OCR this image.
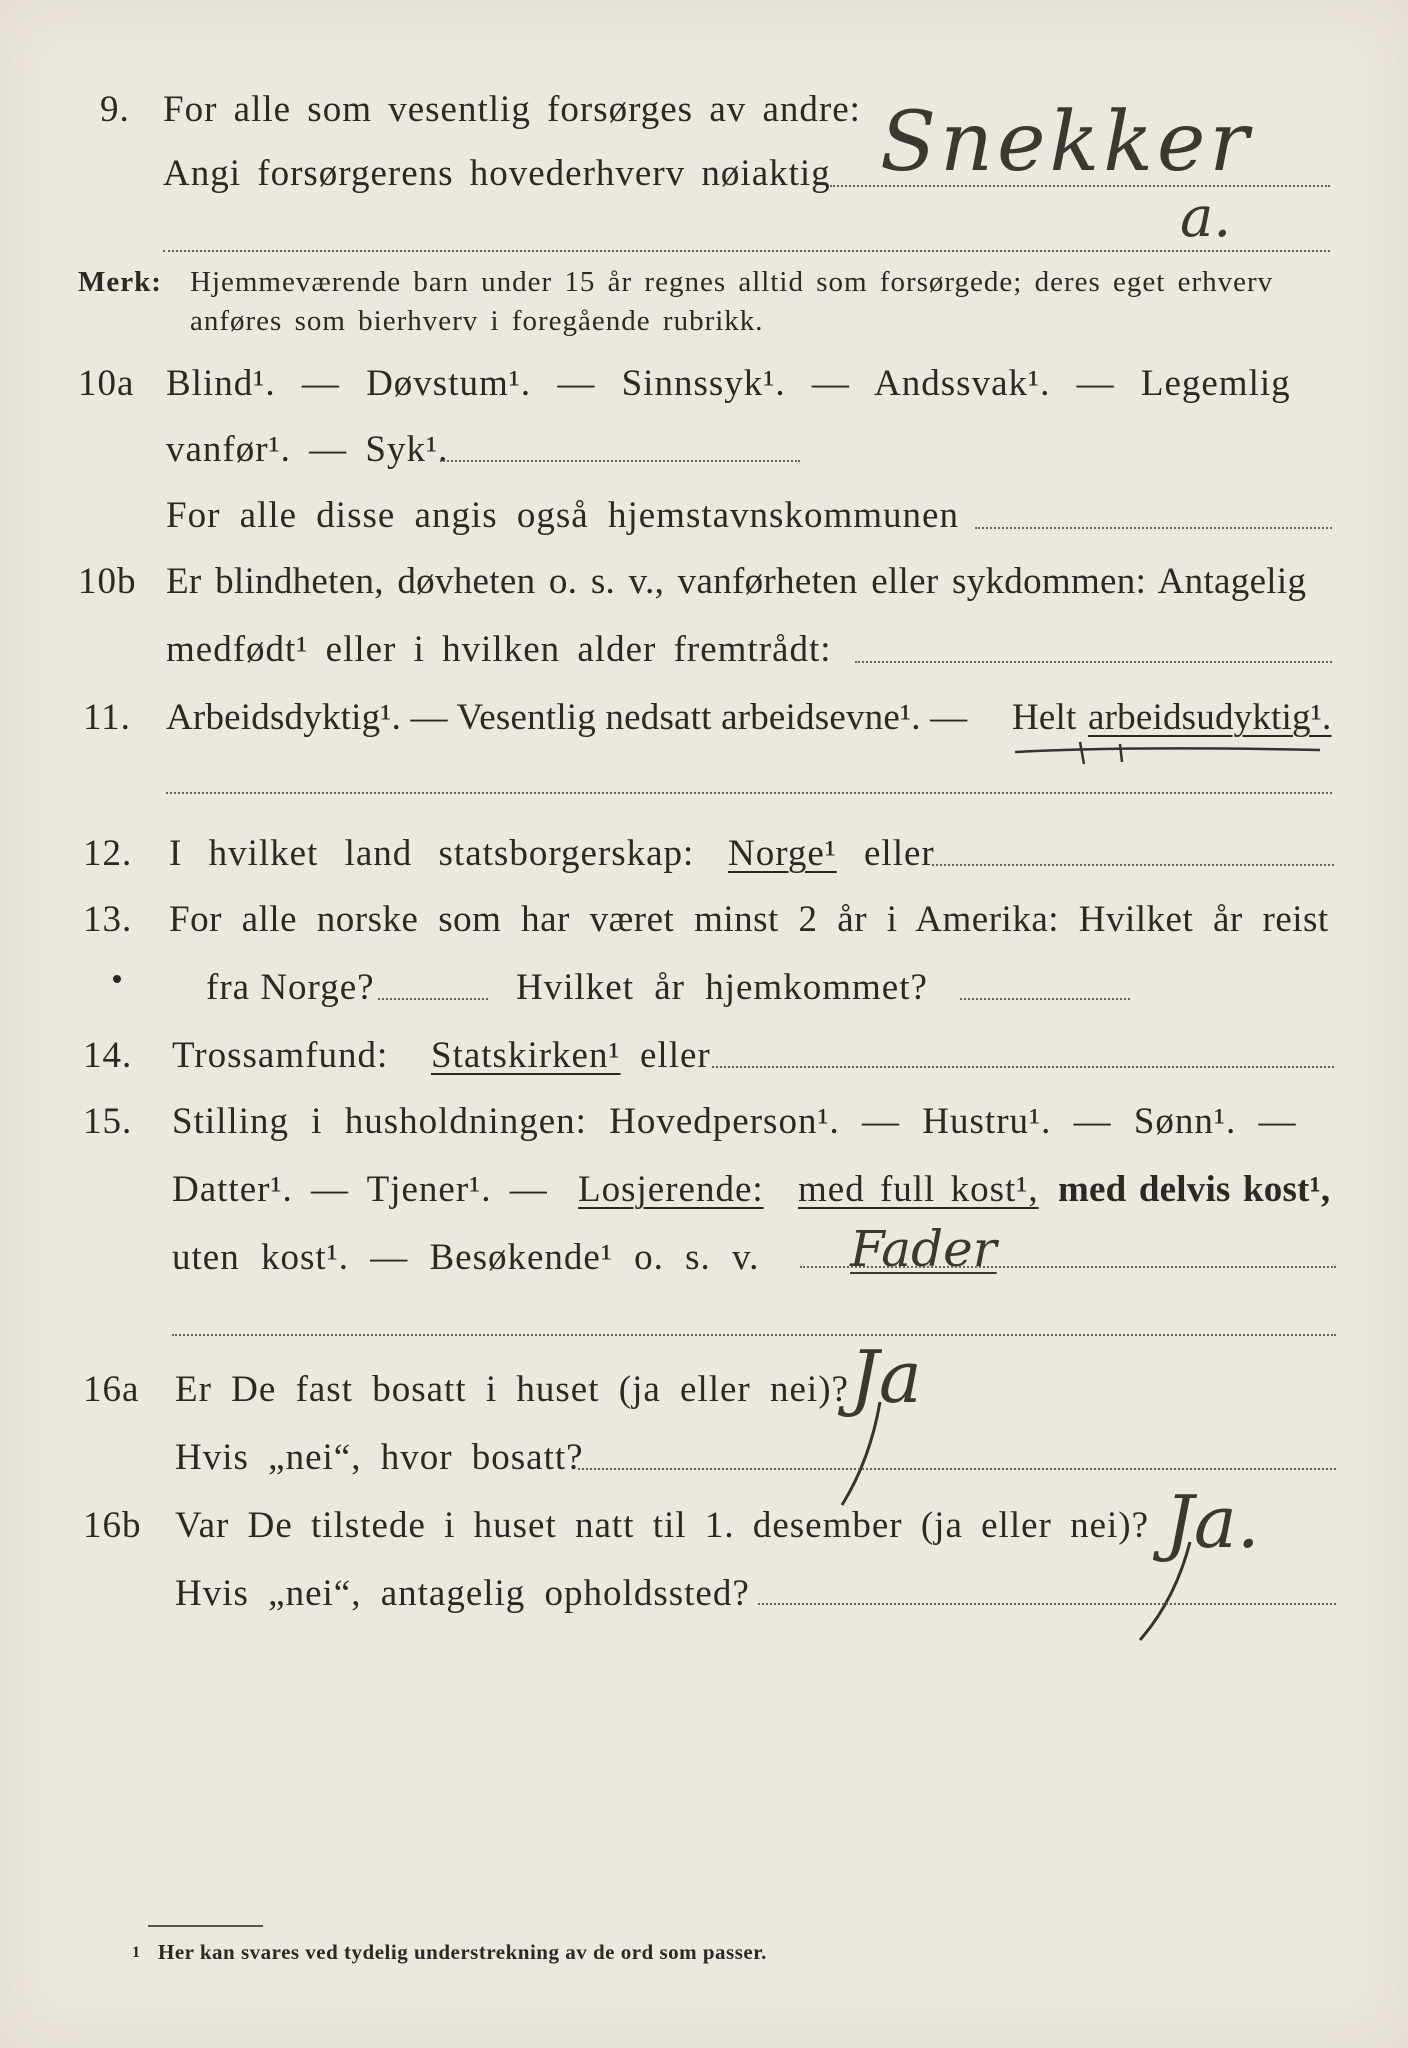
9. For alle som vesentlig forsørges av andre:
Angi forsørgerens hovederhverv nøiaktig Snekker
a.
Merk: Hjemmeværende barn under 15 år regnes alltid som forsørgede; deres eget erhverv
anføres som bierhverv i foregående rubrikk.
10a Blind¹. — Døvstum¹. — Sinnssyk¹. — Andssvak¹. — Legemlig
vanfør¹. — Syk¹.
For alle disse angis også hjemstavnskommunen
10b Er blindheten, døvheten o. s. v., vanførheten eller sykdommen: Antagelig
medfødt¹ eller i hvilken alder fremtrådt:
11. Arbeidsdyktig¹. — Vesentlig nedsatt arbeidsevne¹. — Helt arbeidsudyktig¹.
12. I hvilket land statsborgerskap: Norge¹ eller
13. For alle norske som har været minst 2 år i Amerika: Hvilket år reist
fra Norge?	Hvilket år hjemkommet?
14. Trossamfund: Statskirken¹ eller
15. Stilling i husholdningen: Hovedperson¹. — Hustru¹. — Sønn¹. —
Datter¹. — Tjener¹. — Losjerende: med full kost¹, med delvis kost¹,
uten kost¹. — Besøkende¹ o. s. v. Fader
16a Er De fast bosatt i huset (ja eller nei)? Ja
Hvis „nei“, hvor bosatt?
16b Var De tilstede i huset natt til 1. desember (ja eller nei)? Ja.
Hvis „nei“, antagelig opholdssted?
1 Her kan svares ved tydelig understrekning av de ord som passer.
